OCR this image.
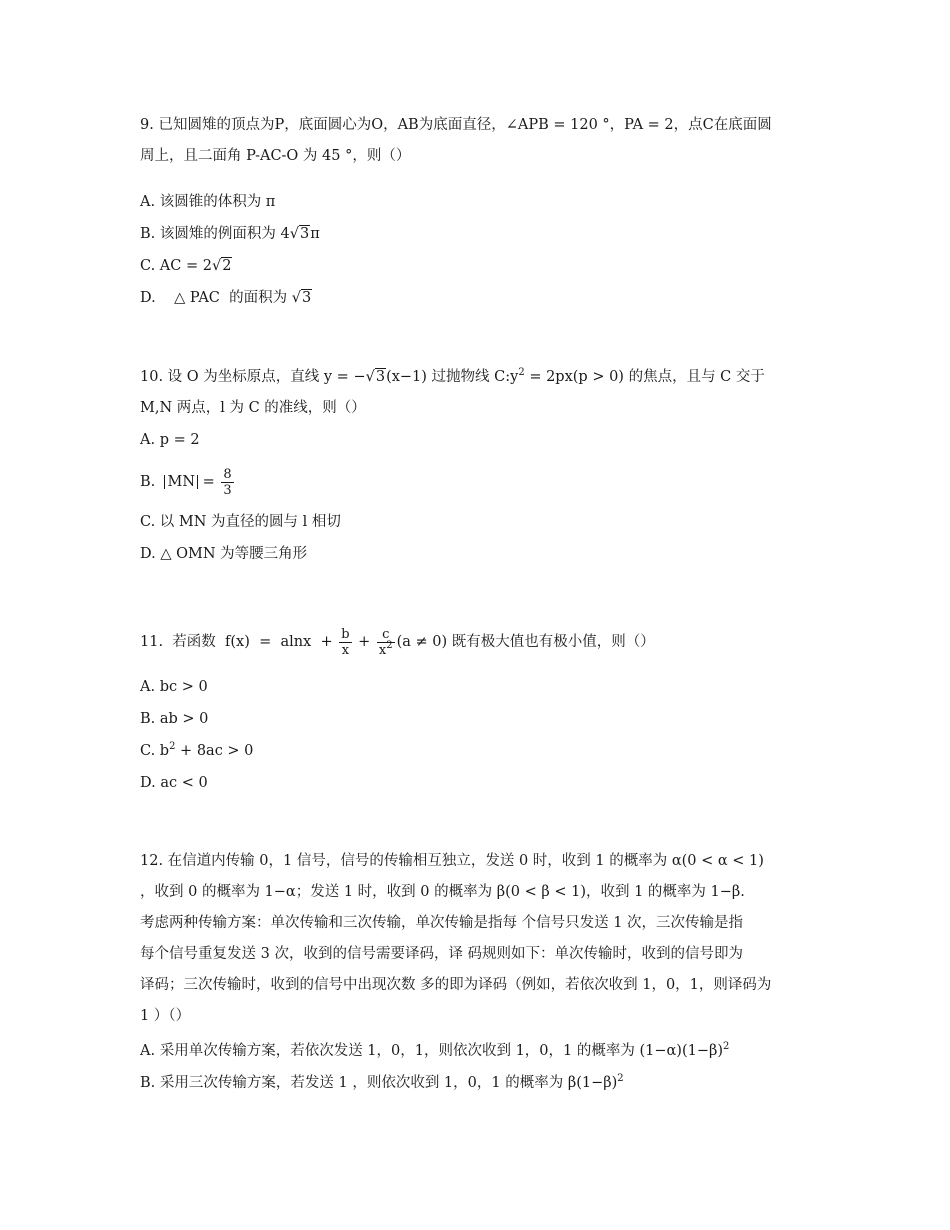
9. 已知圆雉的顶点为P，底面圆心为O，AB为底面直径，∠APB = 120 °，PA = 2，点C在底面圆
周上，且二面角 P-AC-O 为 45 °，则（）
A. 该圆锥的体积为 π
B. 该圆雉的例面积为 4√3π
C. AC = 2√2
D.    △ PAC  的面积为 √3
10. 设 O 为坐标原点，直线 y = −√3(x−1) 过抛物线 $C:y^2 = 2px(p > 0)$ 的焦点，且与 C 交于
M,N 两点，l 为 C 的准线，则（）
A. p = 2
B.  MN = $\frac{8}{3}$
C. 以 MN 为直径的圆与 l 相切
D. △ OMN 为等腰三角形
11.  若函数  $f(x) = alnx + \frac{b}{x} + \frac{c}{x^2} (a \ne 0)$ 既有极大值也有极小值，则（）
A. bc > 0
B. ab > 0
C. $b^2 + 8ac > 0$
D. ac < 0
12. 在信道内传输 0，1 信号，信号的传输相互独立，发送 0 时，收到 1 的概率为 α(0 < α < 1)
，收到 0 的概率为 1−α；发送 1 时，收到 0 的概率为 β(0 < β < 1)，收到 1 的概率为 1−β.
考虑两种传输方案：单次传输和三次传输，单次传输是指每 个信号只发送 1 次，三次传输是指
每个信号重复发送 3 次，收到的信号需要译码，译 码规则如下：单次传输时，收到的信号即为
译码；三次传输时，收到的信号中出现次数 多的即为译码（例如，若依次收到 1，0，1，则译码为
1 ）（）
A. 采用单次传输方案，若依次发送 1，0，1，则依次收到 1，0，1 的概率为 $(1-\alpha)(1-\beta)^2$
B. 采用三次传输方案，若发送 1 ，则依次收到 1，0，1 的概率为 $\beta(1-\beta)^2$
